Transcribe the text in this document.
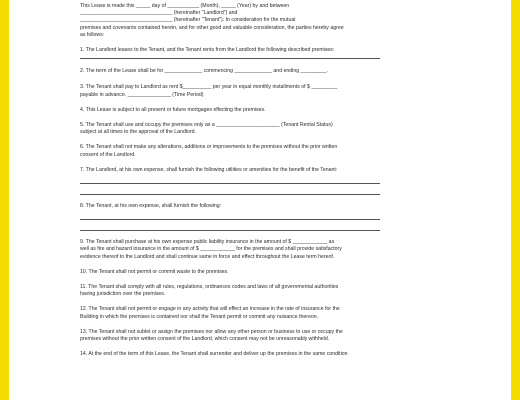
This Lease is made this _____ day of ___________ (Month), _____ (Year) by and between

________________________________ (hereinafter "Landlord") and

________________________________ (hereinafter "Tenant"). In consideration for the mutual

premises and covenants contained herein, and for other good and valuable consideration, the parties hereby agree

as follows:

1. The Landlord leases to the Tenant, and the Tenant rents from the Landlord the following described premises:

2. The term of the Lease shall be for _____________ commencing _____________ and ending _________.

3. The Tenant shall pay to Landlord as rent $__________ per year in equal monthly installments of $ _________

payable in advance. _______________ (Time Period)

4. This Lease is subject to all present or future mortgages effecting the premises.

5. The Tenant shall use and occupy the premises only as a ______________________ (Tenant Rental Status)

subject at all times to the approval of the Landlord.

6. The Tenant shall not make any alterations, additions or improvements to the premises without the prior written

consent of the Landlord.

7. The Landlord, at his own expense, shall furnish the following utilities or amenities for the benefit of the Tenant:

8. The Tenant, at his own expense, shall furnish the following:

9. The Tenant shall purchase at his own expense public liability insurance in the amount of $ ____________ as

well as fire and hazard insurance in the amount of $ ____________ for the premises and shall provide satisfactory

evidence thereof to the Landlord and shall continue same in force and effect throughout the Lease term hereof.

10. The Tenant shall not permit or commit waste to the premises.

11. The Tenant shall comply with all rules, regulations, ordinances codes and laws of all governmental authorities

having jurisdiction over the premises.

12. The Tenant shall not permit or engage in any activity that will effect an increase in the rate of insurance for the

Building in which the premises is contained nor shall the Tenant permit or commit any nuisance thereon.

13. The Tenant shall not sublet or assign the premises nor allow any other person or business to use or occupy the

premises without the prior written consent of the Landlord, which consent may not be unreasonably withheld.

14. At the end of the term of this Lease, the Tenant shall surrender and deliver up the premises in the same condition
